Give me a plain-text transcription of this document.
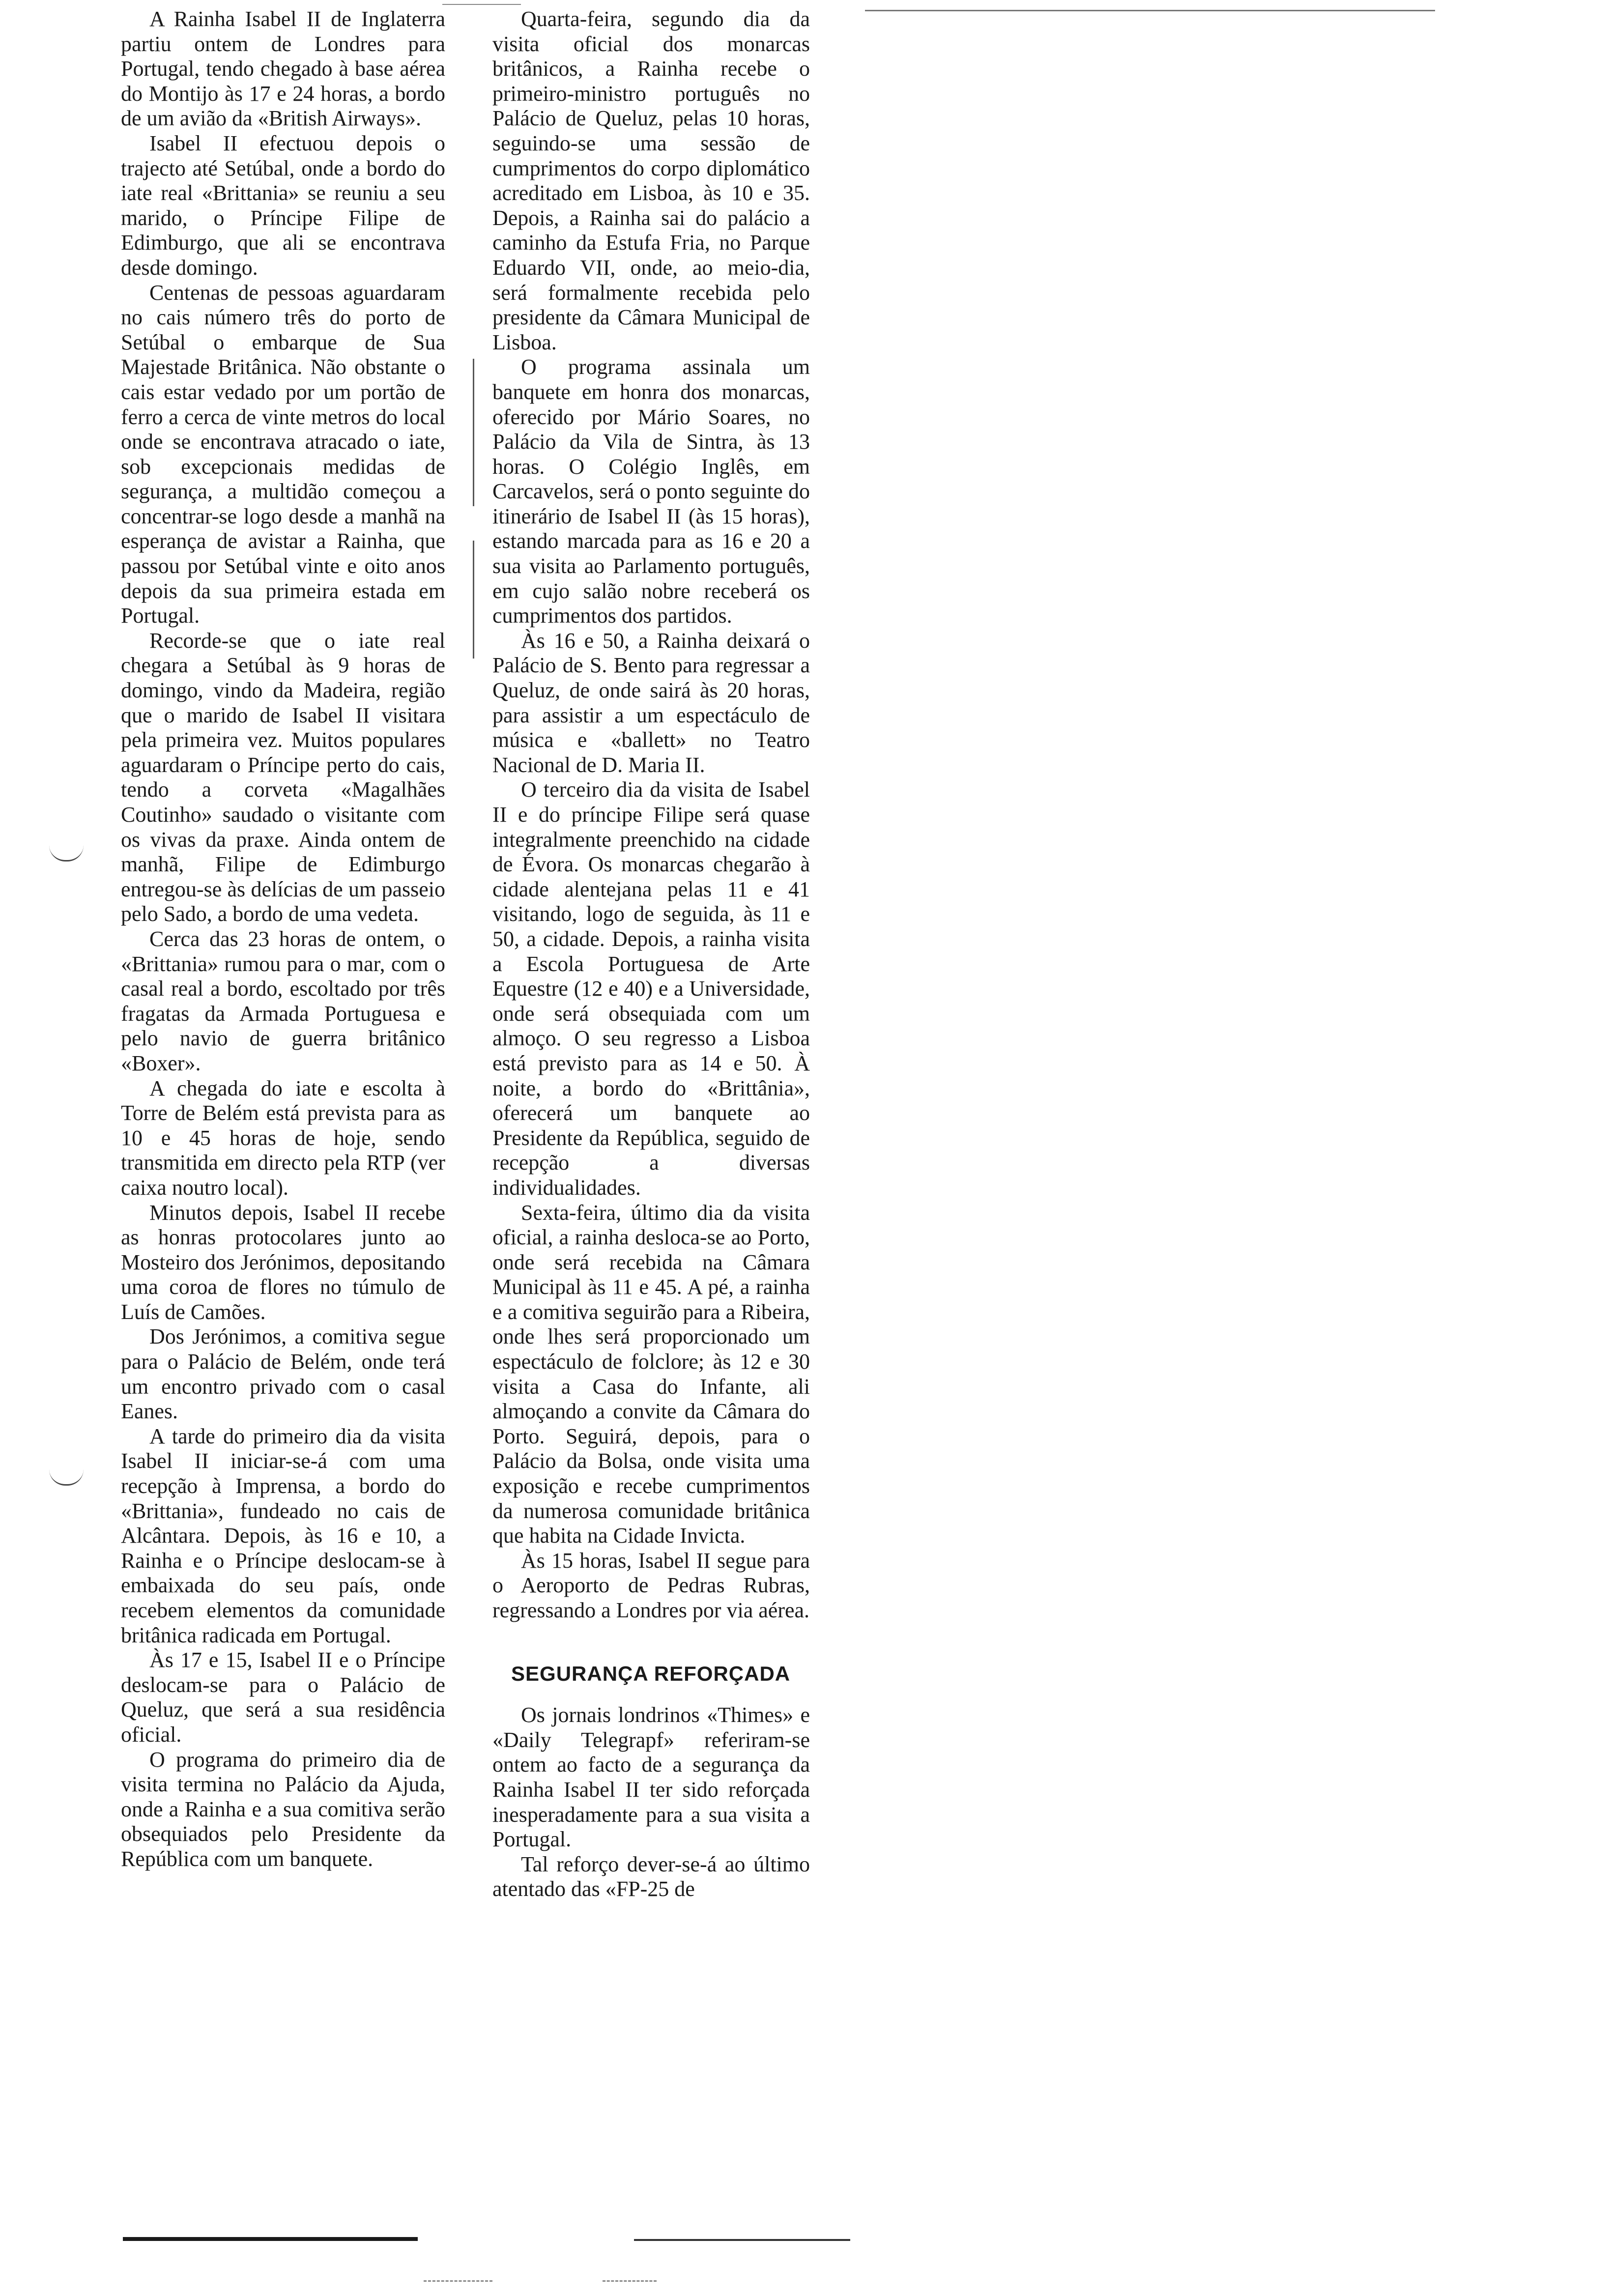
A Rainha Isabel II de Inglaterra partiu ontem de Londres para Portugal, tendo chegado à base aérea do Montijo às 17 e 24 horas, a bordo de um avião da «British Airways».

Isabel II efectuou depois o trajecto até Setúbal, onde a bordo do iate real «Brittania» se reuniu a seu marido, o Príncipe Filipe de Edimburgo, que ali se encontrava desde domingo.

Centenas de pessoas aguardaram no cais número três do porto de Setúbal o embarque de Sua Majestade Britânica. Não obstante o cais estar vedado por um portão de ferro a cerca de vinte metros do local onde se encontrava atracado o iate, sob excepcionais medidas de segurança, a multidão começou a concentrar-se logo desde a manhã na esperança de avistar a Rainha, que passou por Setúbal vinte e oito anos depois da sua primeira estada em Portugal.

Recorde-se que o iate real chegara a Setúbal às 9 horas de domingo, vindo da Madeira, região que o marido de Isabel II visitara pela primeira vez. Muitos populares aguardaram o Príncipe perto do cais, tendo a corveta «Magalhães Coutinho» saudado o visitante com os vivas da praxe. Ainda ontem de manhã, Filipe de Edimburgo entregou-se às delícias de um passeio pelo Sado, a bordo de uma vedeta.

Cerca das 23 horas de ontem, o «Brittania» rumou para o mar, com o casal real a bordo, escoltado por três fragatas da Armada Portuguesa e pelo navio de guerra britânico «Boxer».

A chegada do iate e escolta à Torre de Belém está prevista para as 10 e 45 horas de hoje, sendo transmitida em directo pela RTP (ver caixa noutro local).

Minutos depois, Isabel II recebe as honras protocolares junto ao Mosteiro dos Jerónimos, depositando uma coroa de flores no túmulo de Luís de Camões.

Dos Jerónimos, a comitiva segue para o Palácio de Belém, onde terá um encontro privado com o casal Eanes.

A tarde do primeiro dia da visita Isabel II iniciar-se-á com uma recepção à Imprensa, a bordo do «Brittania», fundeado no cais de Alcântara. Depois, às 16 e 10, a Rainha e o Príncipe deslocam-se à embaixada do seu país, onde recebem elementos da comunidade britânica radicada em Portugal.

Às 17 e 15, Isabel II e o Príncipe deslocam-se para o Palácio de Queluz, que será a sua residência oficial.

O programa do primeiro dia de visita termina no Palácio da Ajuda, onde a Rainha e a sua comitiva serão obsequiados pelo Presidente da República com um banquete.

Quarta-feira, segundo dia da visita oficial dos monarcas britânicos, a Rainha recebe o primeiro-ministro português no Palácio de Queluz, pelas 10 horas, seguindo-se uma sessão de cumprimentos do corpo diplomático acreditado em Lisboa, às 10 e 35. Depois, a Rainha sai do palácio a caminho da Estufa Fria, no Parque Eduardo VII, onde, ao meio-dia, será formalmente recebida pelo presidente da Câmara Municipal de Lisboa.

O programa assinala um banquete em honra dos monarcas, oferecido por Mário Soares, no Palácio da Vila de Sintra, às 13 horas. O Colégio Inglês, em Carcavelos, será o ponto seguinte do itinerário de Isabel II (às 15 horas), estando marcada para as 16 e 20 a sua visita ao Parlamento português, em cujo salão nobre receberá os cumprimentos dos partidos.

Às 16 e 50, a Rainha deixará o Palácio de S. Bento para regressar a Queluz, de onde sairá às 20 horas, para assistir a um espectáculo de música e «ballett» no Teatro Nacional de D. Maria II.

O terceiro dia da visita de Isabel II e do príncipe Filipe será quase integralmente preenchido na cidade de Évora. Os monarcas chegarão à cidade alentejana pelas 11 e 41 visitando, logo de seguida, às 11 e 50, a cidade. Depois, a rainha visita a Escola Portuguesa de Arte Equestre (12 e 40) e a Universidade, onde será obsequiada com um almoço. O seu regresso a Lisboa está previsto para as 14 e 50. À noite, a bordo do «Brittânia», oferecerá um banquete ao Presidente da República, seguido de recepção a diversas individualidades.

Sexta-feira, último dia da visita oficial, a rainha desloca-se ao Porto, onde será recebida na Câmara Municipal às 11 e 45. A pé, a rainha e a comitiva seguirão para a Ribeira, onde lhes será proporcionado um espectáculo de folclore; às 12 e 30 visita a Casa do Infante, ali almoçando a convite da Câmara do Porto. Seguirá, depois, para o Palácio da Bolsa, onde visita uma exposição e recebe cumprimentos da numerosa comunidade britânica que habita na Cidade Invicta.

Às 15 horas, Isabel II segue para o Aeroporto de Pedras Rubras, regressando a Londres por via aérea.

SEGURANÇA REFORÇADA

Os jornais londrinos «Thimes» e «Daily Telegrapf» referiram-se ontem ao facto de a segurança da Rainha Isabel II ter sido reforçada inesperadamente para a sua visita a Portugal.

Tal reforço dever-se-á ao último atentado das «FP-25 de
